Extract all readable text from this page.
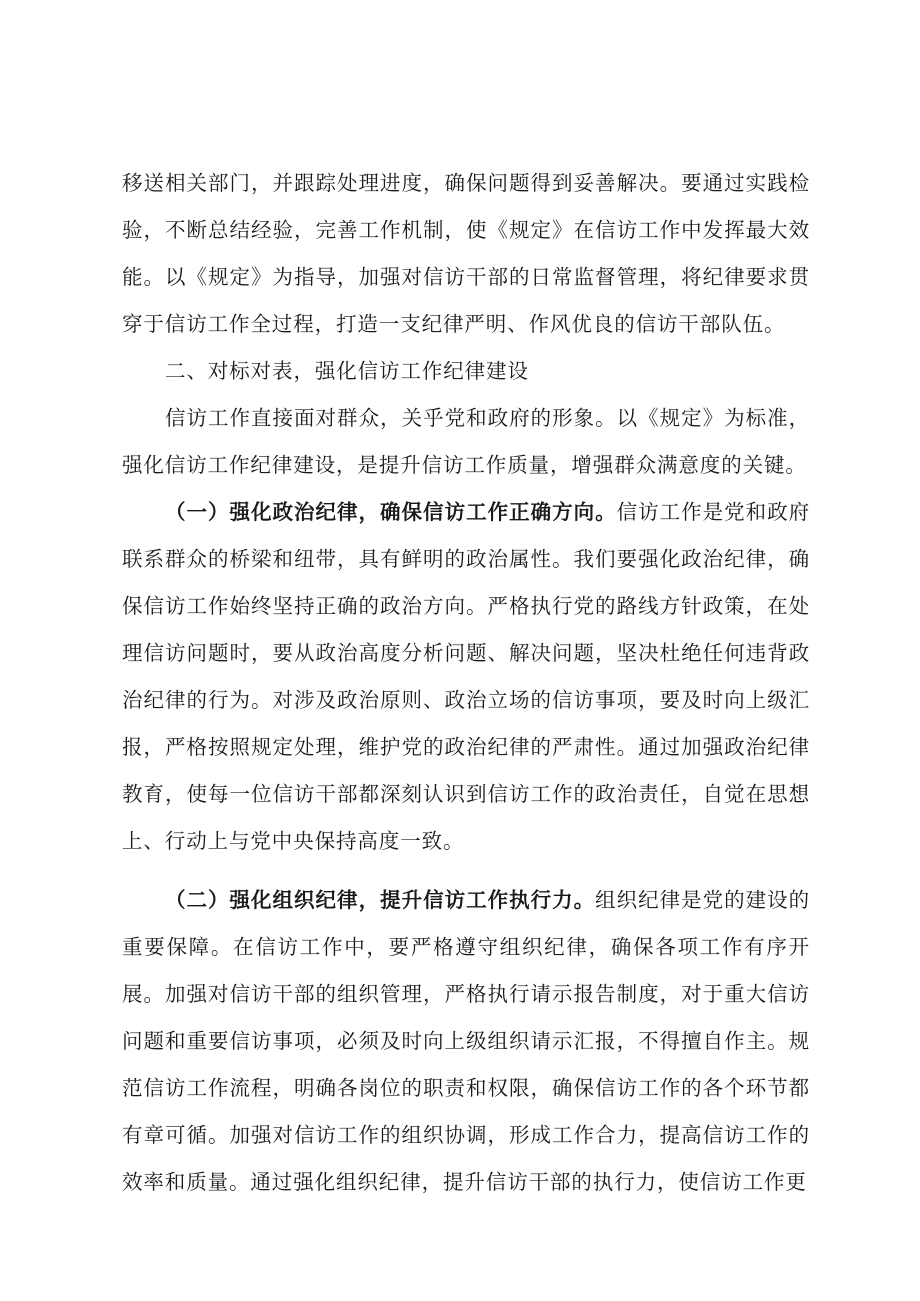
移送相关部门，并跟踪处理进度，确保问题得到妥善解决。要通过实践检验，不断总结经验，完善工作机制，使《规定》在信访工作中发挥最大效能。以《规定》为指导，加强对信访干部的日常监督管理，将纪律要求贯穿于信访工作全过程，打造一支纪律严明、作风优良的信访干部队伍。

二、对标对表，强化信访工作纪律建设

信访工作直接面对群众，关乎党和政府的形象。以《规定》为标准，强化信访工作纪律建设，是提升信访工作质量，增强群众满意度的关键。

（一）强化政治纪律，确保信访工作正确方向。信访工作是党和政府联系群众的桥梁和纽带，具有鲜明的政治属性。我们要强化政治纪律，确保信访工作始终坚持正确的政治方向。严格执行党的路线方针政策，在处理信访问题时，要从政治高度分析问题、解决问题，坚决杜绝任何违背政治纪律的行为。对涉及政治原则、政治立场的信访事项，要及时向上级汇报，严格按照规定处理，维护党的政治纪律的严肃性。通过加强政治纪律教育，使每一位信访干部都深刻认识到信访工作的政治责任，自觉在思想上、行动上与党中央保持高度一致。

（二）强化组织纪律，提升信访工作执行力。组织纪律是党的建设的重要保障。在信访工作中，要严格遵守组织纪律，确保各项工作有序开展。加强对信访干部的组织管理，严格执行请示报告制度，对于重大信访问题和重要信访事项，必须及时向上级组织请示汇报，不得擅自作主。规范信访工作流程，明确各岗位的职责和权限，确保信访工作的各个环节都有章可循。加强对信访工作的组织协调，形成工作合力，提高信访工作的效率和质量。通过强化组织纪律，提升信访干部的执行力，使信访工作更
